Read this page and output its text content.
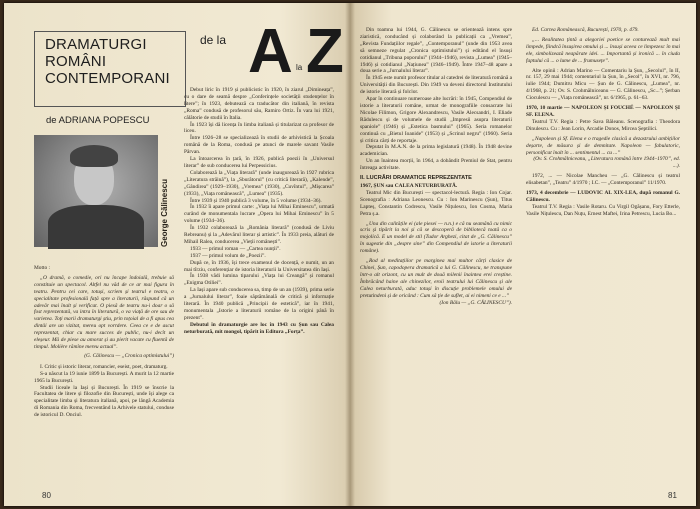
DRAMATURGI ROMÂNI CONTEMPORANI
de la A la Z
de ADRIANA POPESCU
George Călinescu
Motto :
„O dramă, o comedie, ori nu încape îndoială, trebuie să constituie un spectacol. Altfel nu văd de ce ar mai figura în teatru. Pentru cei care, totuși, scriem și teatrul e teatru, o specialitate profesională față spre a literaturii, răspund că un adevăr mai înalt și verificat. O piesă de teatru nu-i doar o să fost reprezentată, va intra în literatură, o va viață de ore sau de varietea. Toți marii dramaturgi știu, prin toțoial de a fi apus cea dintâi are un vizitat, mereu opt vorrdere. Ceea ce e de ascut reprezentat, chiar cu mare succes de public, nu-i decît un eleșeur. Mă de piese au amorat și au pierit vacate cu fluentă de timpul. Molière rămîne mereu actual”.
(G. Călinescu — „Cronica optimistului”)
I. Critic și istoric literar, romancier, eseist, poet, dramaturg.
S-a născut la 19 iunie 1899 la București. A murit la 12 martie 1965 la București.
Studii liceale la Iași și București. În 1919 se înscrie la Facultatea de litere și filozofie din București, unde își alege ca specialitate limba și literatura italiană, apoi, pe lângă Academia di Romania din Roma, frecventând la Arhivele statului, conduse de istoricul D. Onciul.
Debut liric în 1919 și publicistic în 1920, în ziarul „Dimineața”, cu o dare de seamă despre „Conferințele societății studențelor în litere”; în 1923, debutează ca traducător din italiană, în revista „Roma” condusă de profesorul său, Ramiro Ortiz. În vara lui 1921, călătorie de studii în Italia.
În 1923 își dă licența în limba italiană și titularizat ca profesor de liceu.
Între 1926–28 se specializează în studii de arhivistică la Școala română de la Roma, condusă pe atunci de marele savant Vasile Pârvan.
La întoarcerea în țară, în 1926, publică poezii în „Universul literar” de sub conducerea lui Perpessicius.
Colaborează la „Viața literară” (unde inaugurează în 1927 rubrica „Literatura străină”), la „Sburătorul” (cu critică literară), „Kalende”, „Gândirea” (1929–1930), „Vremea” (1930), „Cuvîntul”, „Mișcarea” (1933), „Viața românească”, „Lumea” (1935).
Între 1939 și 1940 publică 3 volume, în 5 volume (1934–36).
În 1932 îi apare primul carte: „Viața lui Mihai Eminescu”, urmată curând de monumentala lucrare „Opera lui Mihai Eminescu” în 5 volume (1934–36).
În 1932 colaborează la „România literară” (condusă de Liviu Rebreanu) și la „Adevărul literar și artistic”. În 1933 preia, alături de Mihail Ralea, conducerea „Vieții românești”.
1933 — primul roman — „Cartea nunții”.
1937 — primul volum de „Poezii”.
După ce, în 1936, își trece examenul de docență, e numit, un an mai tîrziu, conferențiar de istoria literaturii la Universitatea din Iași.
În 1938 vădi lumina tiparului „Viața lui Creangă” și romanul „Enigma Otiliei”.
La Iași apare sub conducerea sa, timp de un an (1939), prima serie a „Jurnalului literar”, foaie săptămânală de critică și informație literară. În 1940 publică „Principii de estetică”, iar în 1941, monumentala „Istorie a literaturii române de la origini până în prezent”.
Debutul în dramaturgie are loc în 1943 cu Șun sau Calea neturburată, mit mongol, tipărit în Editura „Forța”.
80
Din toamna lui 1944, G. Călinescu se orientează intens spre ziaristică, conducând și colaborând la publicații ca „Vremea”, „Revista Fundațiilor regale”, „Contemporanul” (unde din 1953 avea să semneze regulat „Cronica optimistului”) și editând el însuși cotidianul „Tribuna poporului” (1944–1946), revista „Lumea” (1945–1946) și cotidianul „Națiunea” (1946–1949). Între 1947–48 apare a doua serie a „Jurnalului literar”.
În 1945 este numit profesor titular al catedrei de literatură română a Universității din București. Din 1949 va deveni directorul Institutului de istorie literară și folclor.
Apar în continuare numeroase alte lucrări: în 1945, Compendiul de istorie a literaturii române, urmat de monografiile consacrate lui Nicolae Filimon, Grigore Alexandrescu, Vasile Alecsandri, I. Eliade Rădulescu și de volumele de studii „Impresii asupra literaturii spaniole” (1946) și „Estetica basmului” (1965). Seria romanelor continuă cu „Bietul Ioanide” (1953) și „Scrinul negru” (1960). Seria și critica cărți de reportaje.
Deputat în M.A.N. de la prima legislatură (1948). În 1948 devine academician.
Un an înaintea morții, în 1964, a dobândit Premiul de Stat, pentru întreaga activitate.
II. LUCRĂRI DRAMATICE REPREZENTATE
1967, ȘUN sau CALEA NETURBURATĂ.
Teatrul Mic din București — spectacol-lectură. Regia : Ion Cojar. Scenografia : Adriana Leonescu. Cu : Ion Marinescu (Șun), Titus Lapteș, Constantin Codrescu, Vasile Nițulescu, Ion Cosma, Maria Petra ș.a.
„Una din calitățile ei (ale piesei — n.n.) e că nu seamănă cu nimic scris și tipărit la noi și că se descoperă de bibliotecă toată ca o mojolică. E un model de stil (Tudor Arghezi, citat de „G. Călinescu” în sugestie din „despre sine” din Compendiul de istorie a literaturii române).
„Rod al meditațiilor pe marginea mai multor cărți clasice de Chinei, Șun, capodopera dramatică a lui G. Călinescu, ne transpune într-o alt orizont, cu un mult de două milenii înaintea erei creștine. Îmbrăcând haine ale chinezilor, eroii teatrului lui Călinescu și ale Calea neturburată, aduc totuși în discuție problemele omului de pretutindeni și de oricând : Cum să ție de suflet, ai ei nimeni ce e ...”
(Ion Bălu — „G. CĂLINESCU”).
Ed. Cartea Românească, București, 1970, p. 479.
„... Realitatea țintă a alegoriei poetice se conturează mult mai limpede, fiindcă însușirea omului și ... însuși aceea ce limpezesc în mai ele, simbolizează neapărate idei. ... Importantă și ironică ... în ciuda faptului că ... o lume de ... frumusețe”.
Alte opinii : Adrian Marino — Comentariu la Șun, „Secolul”, în II, nr. 157, 29 mai 1944; comentariul la Șun, în „Secol”, în XVI, nr. 796, iulie 1944; Dumitru Micu — Șun de G. Călinescu, „Lumea”, nr. 4/1968, p. 21; Ov. S. Crohmălniceanu — G. Călinescu, „Sc...”; Șerban Cioculescu — „Viața românească”, nr. 6/1965, p. 61–63.
1970, 10 martie — NAPOLEON ȘI FOUCHÉ — NAPOLEON ȘI SF. ELENA.
Teatrul T.V. Regia : Petre Sava Băleanu. Scenografia : Theodora Dinulescu. Cu : Jean Lorin, Arcadie Donos, Mircea Șeptilici.
„Napoleon și Sf. Elena e o tragedie clasică a dezastrului ambițiilor deșarte, de măsura și de demnitate. Napoleon — fabulatoric, personificat înalt în ... sentimentul ... cu ...”
(Ov. S. Crohmălniceanu, „Literatura română între 1944–1970”, ed. ...).
1972, ... — Nicolae Mancheu — „G. Călinescu și teatrul elisabetan”, „Teatru” 4/1970 ; I.C. — „Contemporanul” 11/1970.
1973, 4 decembrie — LUDOVIC AL XIX-LEA, după romanul G. Călinescu.
Teatrul T.V. Regia : Vasile Rotaru. Cu Virgil Ogășanu, Fory Etterle, Vasile Nițulescu, Dan Nuțu, Ernest Maftei, Irina Petrescu, Lucia Bo...
81
